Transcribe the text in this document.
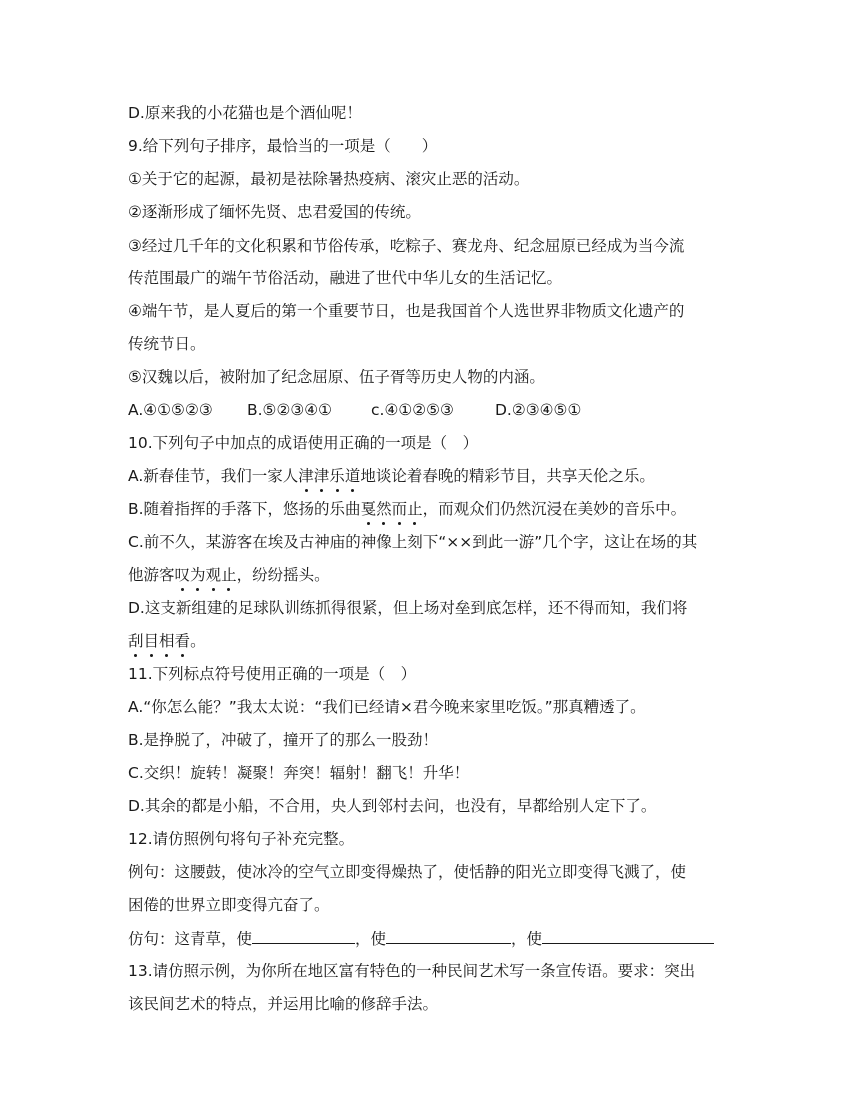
D.原来我的小花猫也是个酒仙呢！
9.给下列句子排序，最恰当的一项是（　　）
①关于它的起源，最初是祛除暑热疫病、滚灾止恶的活动。
②逐渐形成了缅怀先贤、忠君爱国的传统。
③经过几千年的文化积累和节俗传承，吃粽子、赛龙舟、纪念屈原已经成为当今流
传范围最广的端午节俗活动，融进了世代中华儿女的生活记忆。
④端午节，是人夏后的第一个重要节日，也是我国首个人选世界非物质文化遗产的
传统节日。
⑤汉魏以后，被附加了纪念屈原、伍子胥等历史人物的内涵。
A.④①⑤②③ B.⑤②③④①	c.④①②⑤③	D.②③④⑤①
10.下列句子中加点的成语使用正确的一项是（　）
A.新春佳节，我们一家人津津乐道地谈论着春晚的精彩节目，共享天伦之乐。
B.随着指挥的手落下，悠扬的乐曲戛然而止，而观众们仍然沉浸在美妙的音乐中。
C.前不久，某游客在埃及古神庙的神像上刻下“××到此一游”几个字，这让在场的其
他游客叹为观止，纷纷摇头。
D.这支新组建的足球队训练抓得很紧，但上场对垒到底怎样，还不得而知，我们将
刮目相看。
11.下列标点符号使用正确的一项是（　）
A.“你怎么能？”我太太说：“我们已经请×君今晚来家里吃饭。”那真糟透了。
B.是挣脱了，冲破了，撞开了的那么一股劲！
C.交织！旋转！凝聚！奔突！辐射！翻飞！升华！
D.其余的都是小船，不合用，央人到邻村去问，也没有，早都给别人定下了。
12.请仿照例句将句子补充完整。
例句：这腰鼓，使冰冷的空气立即变得燥热了，使恬静的阳光立即变得飞溅了，使
困倦的世界立即变得亢奋了。
仿句：这青草，使	，使	，使
13.请仿照示例，为你所在地区富有特色的一种民间艺术写一条宣传语。要求：突出
该民间艺术的特点，并运用比喻的修辞手法。
